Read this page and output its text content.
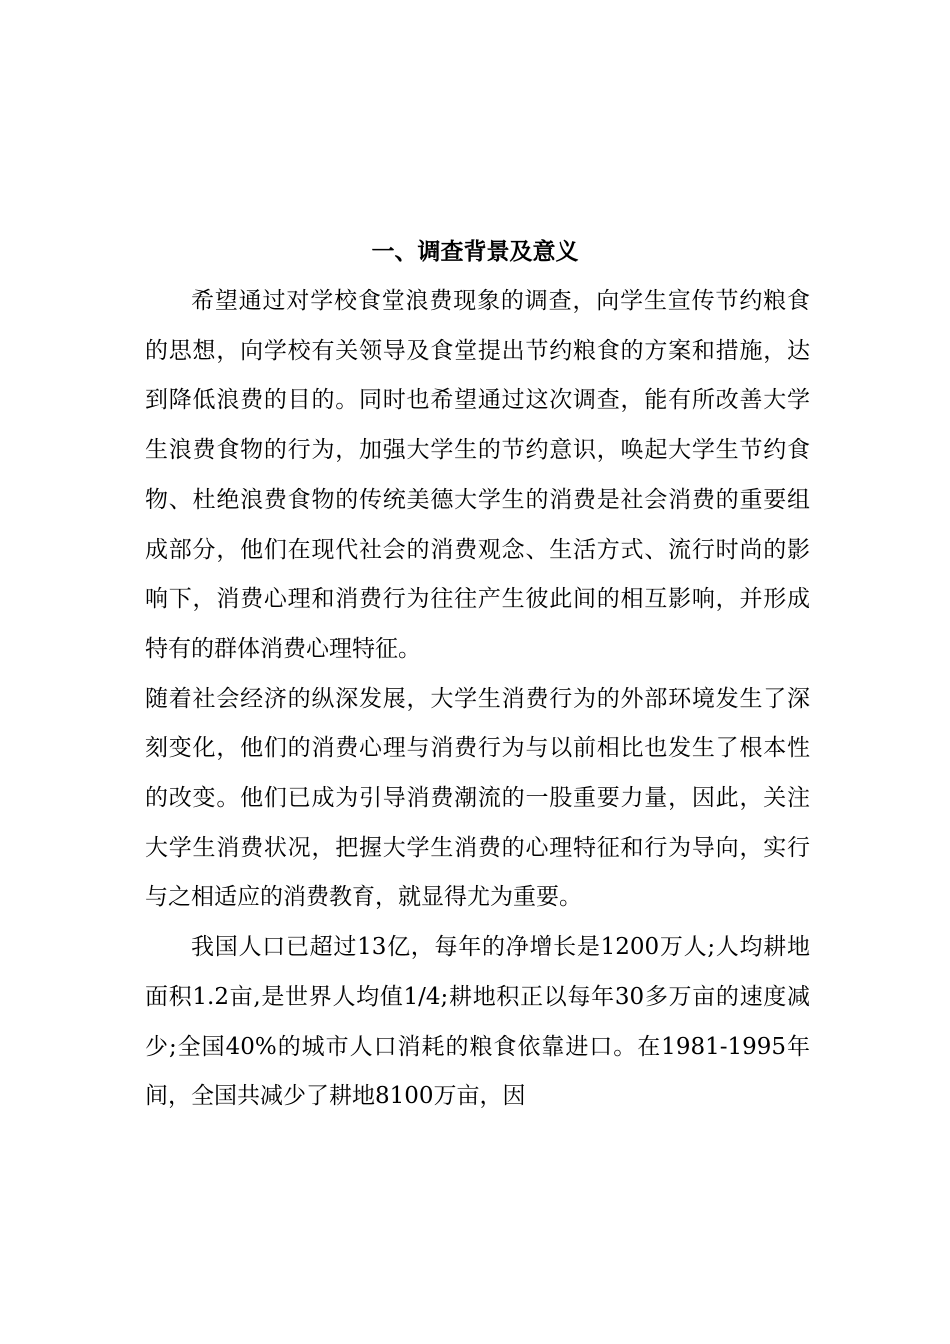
一、调查背景及意义

希望通过对学校食堂浪费现象的调查，向学生宣传节约粮食的思想，向学校有关领导及食堂提出节约粮食的方案和措施，达到降低浪费的目的。同时也希望通过这次调查，能有所改善大学生浪费食物的行为，加强大学生的节约意识，唤起大学生节约食物、杜绝浪费食物的传统美德大学生的消费是社会消费的重要组成部分，他们在现代社会的消费观念、生活方式、流行时尚的影响下，消费心理和消费行为往往产生彼此间的相互影响，并形成特有的群体消费心理特征。

随着社会经济的纵深发展，大学生消费行为的外部环境发生了深刻变化，他们的消费心理与消费行为与以前相比也发生了根本性的改变。他们已成为引导消费潮流的一股重要力量，因此，关注大学生消费状况，把握大学生消费的心理特征和行为导向，实行与之相适应的消费教育，就显得尤为重要。

我国人口已超过13亿，每年的净增长是1200万人;人均耕地面积1.2亩,是世界人均值1/4;耕地积正以每年30多万亩的速度减少;全国40%的城市人口消耗的粮食依靠进口。在1981-1995年间，全国共减少了耕地8100万亩，因
